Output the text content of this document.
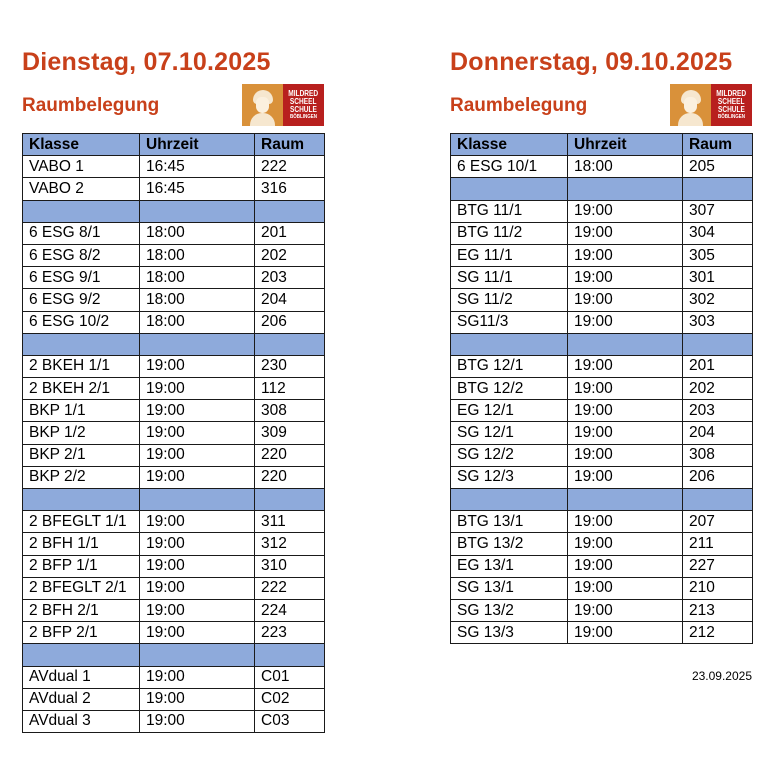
Dienstag, 07.10.2025
Raumbelegung
MILDRED
SCHEEL
SCHULE
BÖBLINGEN
Klasse	Uhrzeit	Raum
VABO 1	16:45	222
VABO 2	16:45	316

6 ESG 8/1	18:00	201
6 ESG 8/2	18:00	202
6 ESG 9/1	18:00	203
6 ESG 9/2	18:00	204
6 ESG 10/2	18:00	206

2 BKEH 1/1	19:00	230
2 BKEH 2/1	19:00	112
BKP 1/1	19:00	308
BKP 1/2	19:00	309
BKP 2/1	19:00	220
BKP 2/2	19:00	220

2 BFEGLT 1/1	19:00	311
2 BFH 1/1	19:00	312
2 BFP 1/1	19:00	310
2 BFEGLT 2/1	19:00	222
2 BFH 2/1	19:00	224
2 BFP 2/1	19:00	223

AVdual 1	19:00	C01
AVdual 2	19:00	C02
AVdual 3	19:00	C03
Donnerstag, 09.10.2025
Raumbelegung
MILDRED
SCHEEL
SCHULE
BÖBLINGEN
Klasse	Uhrzeit	Raum
6 ESG 10/1	18:00	205

BTG 11/1	19:00	307
BTG 11/2	19:00	304
EG 11/1	19:00	305
SG 11/1	19:00	301
SG 11/2	19:00	302
SG11/3	19:00	303

BTG 12/1	19:00	201
BTG 12/2	19:00	202
EG 12/1	19:00	203
SG 12/1	19:00	204
SG 12/2	19:00	308
SG 12/3	19:00	206

BTG 13/1	19:00	207
BTG 13/2	19:00	211
EG 13/1	19:00	227
SG 13/1	19:00	210
SG 13/2	19:00	213
SG 13/3	19:00	212
23.09.2025
